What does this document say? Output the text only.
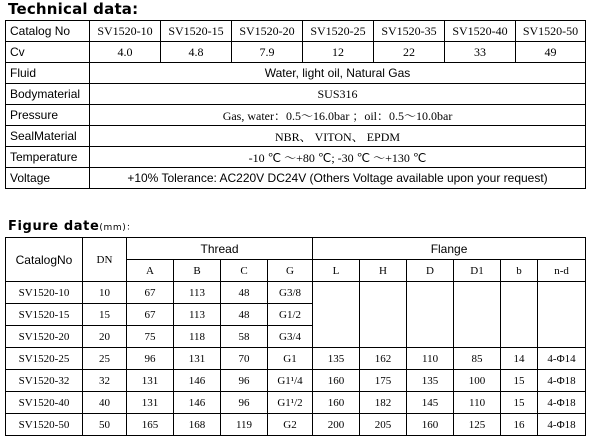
Technical data:
Catalog No	SV1520-10	SV1520-15	SV1520-20	SV1520-25	SV1520-35	SV1520-40	SV1520-50
Cv	4.0	4.8	7.9	12	22	33	49
Fluid	Water, light oil, Natural Gas						
Bodymaterial	SUS316						
Pressure	Gas, water：0.5～16.0bar ；oil：0.5～10.0bar						
SealMaterial	NBR、 VITON、 EPDM						
Temperature	-10 ℃ ～+80 ℃; -30 ℃ ～+130 ℃						
Voltage	+10% Tolerance: AC220V DC24V (Others Voltage available upon your request)						
Figure date(mm)：
CatalogNo	DN	Thread				Flange					
		A	B	C	G	L	H	D	D1	b	n-d
SV1520-10	10	67	113	48	G3/8						
SV1520-15	15	67	113	48	G1/2						
SV1520-20	20	75	118	58	G3/4						
SV1520-25	25	96	131	70	G1	135	162	110	85	14	4-Φ14
SV1520-32	32	131	146	96	G1¹/4	160	175	135	100	15	4-Φ18
SV1520-40	40	131	146	96	G1¹/2	160	182	145	110	15	4-Φ18
SV1520-50	50	165	168	119	G2	200	205	160	125	16	4-Φ18
